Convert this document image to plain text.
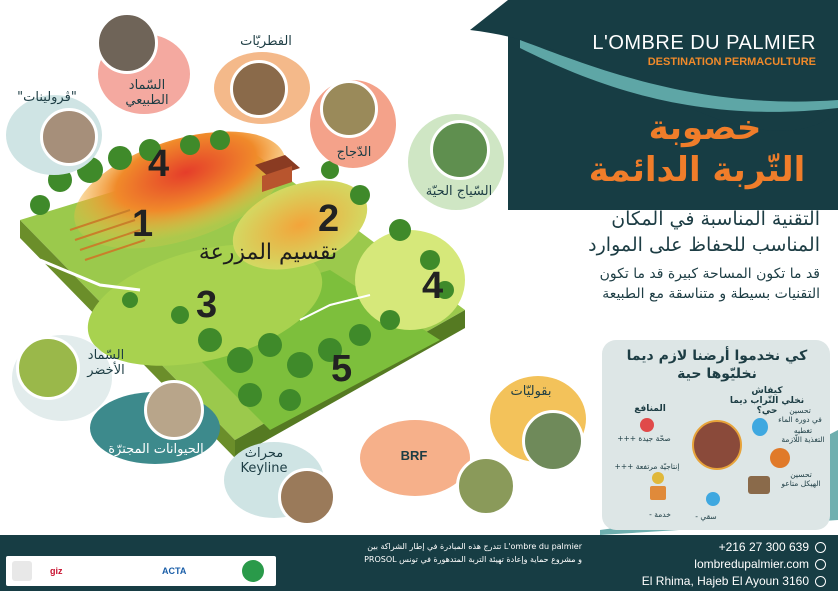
L'OMBRE DU PALMIER
DESTINATION PERMACULTURE
خصوبة
التّربة الدائمة
التقنية المناسبة في المكان
المناسب للحفاظ على الموارد
قد ما تكون المساحة كبيرة قد ما تكون
التقنيات بسيطة و متناسقة مع الطبيعة
4
1	2
3	4
5
تقسيم المزرعة
السّماد
الطبيعي
الفطريّات
"ڨرولينات"
الدّجاج
السّياج الحيّة
السّماد
الأخضر
الحيوانات المجترّة	محراث
Keyline
BRF
بقوليّات
كي نخدموا أرضنا لازم ديما
نخليّوها حية
كيفاش
نخلي التّراب ديما حي؟
المنافع	تحسين
في دورة الماء
تغطيه
التغذية اللّازمة
تحسين
الهيكل متاعو
صحّة جيدة +++
إنتاجيّة مرتفعة +++
خدمة -	سقي -
giz	ACTA
L'ombre du palmier تتدرج هذه المبادرة في إطار الشراكة بين
و مشروع حماية وإعادة تهيئة التربة المتدهورة في تونس PROSOL
+216 27 300 639
lombredupalmier.com
El Rhima, Hajeb El Ayoun 3160
